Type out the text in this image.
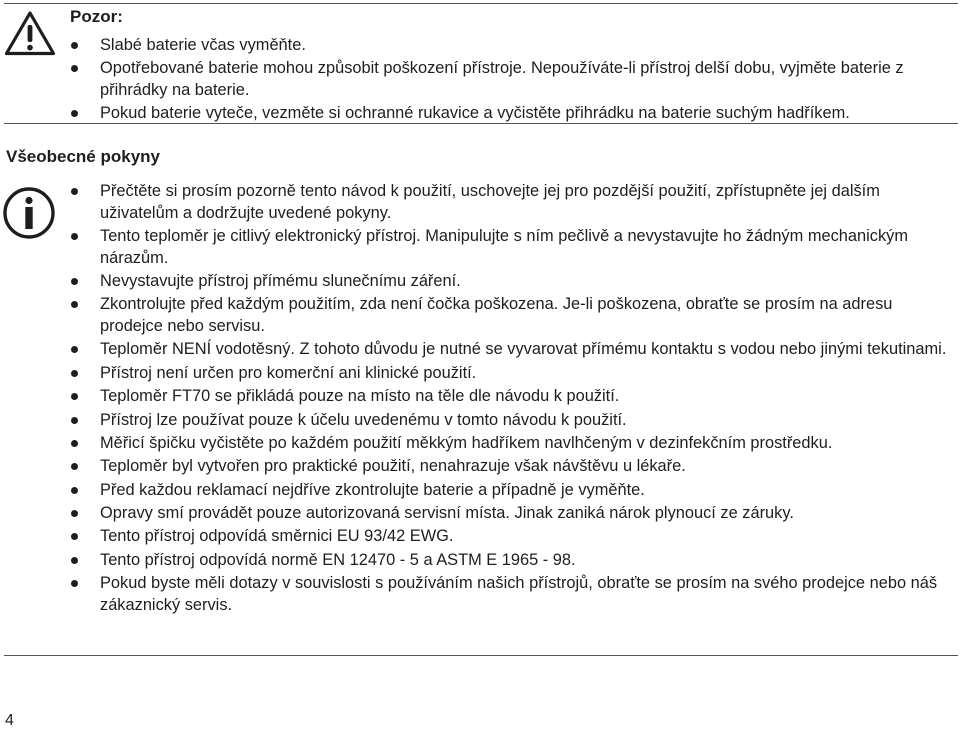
Pozor:
Slabé baterie včas vyměňte.
Opotřebované baterie mohou způsobit poškození přístroje. Nepoužíváte-li přístroj delší dobu, vyjměte baterie z přihrádky na baterie.
Pokud baterie vyteče, vezměte si ochranné rukavice a vyčistěte přihrádku na baterie suchým hadříkem.
Všeobecné pokyny
Přečtěte si prosím pozorně tento návod k použití, uschovejte jej pro pozdější použití, zpřístupněte jej dalším uživatelům a dodržujte uvedené pokyny.
Tento teploměr je citlivý elektronický přístroj. Manipulujte s ním pečlivě a nevystavujte ho žádným mechanickým nárazům.
Nevystavujte přístroj přímému slunečnímu záření.
Zkontrolujte před každým použitím, zda není čočka poškozena. Je-li poškozena, obraťte se prosím na adresu prodejce nebo servisu.
Teploměr NENÍ vodotěsný. Z tohoto důvodu je nutné se vyvarovat přímému kontaktu s vodou nebo jinými tekutinami.
Přístroj není určen pro komerční ani klinické použití.
Teploměr FT70 se přikládá pouze na místo na těle dle návodu k použití.
Přístroj lze používat pouze k účelu uvedenému v tomto návodu k použití.
Měřicí špičku vyčistěte po každém použití měkkým hadříkem navlhčeným v dezinfekčním prostředku.
Teploměr byl vytvořen pro praktické použití, nenahrazuje však návštěvu u lékaře.
Před každou reklamací nejdříve zkontrolujte baterie a případně je vyměňte.
Opravy smí provádět pouze autorizovaná servisní místa. Jinak zaniká nárok plynoucí ze záruky.
Tento přístroj odpovídá směrnici EU 93/42 EWG.
Tento přístroj odpovídá normě EN 12470 - 5 a ASTM E 1965 - 98.
Pokud byste měli dotazy v souvislosti s používáním našich přístrojů, obraťte se prosím na svého prodejce nebo náš zákaznický servis.
4
